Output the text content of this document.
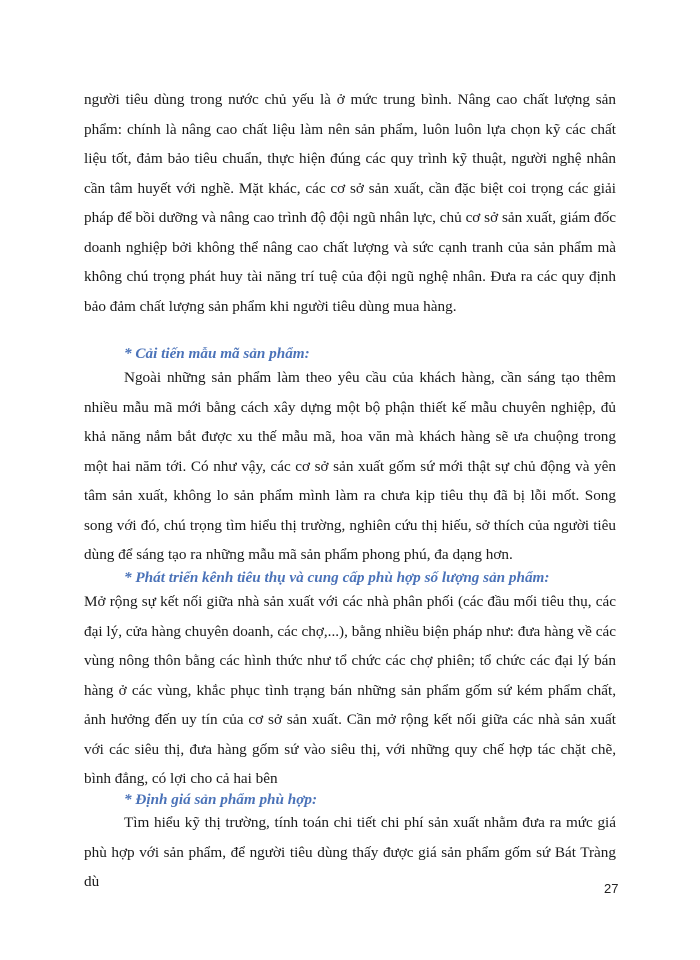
người tiêu dùng trong nước chủ yếu là ở mức trung bình. Nâng cao chất lượng sản phẩm: chính là nâng cao chất liệu làm nên sản phẩm, luôn luôn lựa chọn kỹ các chất liệu tốt, đảm bảo tiêu chuẩn, thực hiện đúng các quy trình kỹ thuật, người nghệ nhân cần tâm huyết với nghề. Mặt khác, các cơ sở sản xuất, cần đặc biệt coi trọng các giải pháp để bồi dưỡng và nâng cao trình độ đội ngũ nhân lực, chủ cơ sở sản xuất, giám đốc doanh nghiệp bởi không thể nâng cao chất lượng và sức cạnh tranh của sản phẩm mà không chú trọng phát huy tài năng trí tuệ của đội ngũ nghệ nhân. Đưa ra các quy định bảo đảm chất lượng sản phẩm khi người tiêu dùng mua hàng.

* Cải tiến mẫu mã sản phẩm:

Ngoài những sản phẩm làm theo yêu cầu của khách hàng, cần sáng tạo thêm nhiều mẫu mã mới bằng cách xây dựng một bộ phận thiết kế mẫu chuyên nghiệp, đủ khả năng nắm bắt được xu thế mẫu mã, hoa văn mà khách hàng sẽ ưa chuộng trong một hai năm tới. Có như vậy, các cơ sở sản xuất gốm sứ mới thật sự chủ động và yên tâm sản xuất, không lo sản phẩm mình làm ra chưa kịp tiêu thụ đã bị lỗi mốt. Song song với đó, chú trọng tìm hiểu thị trường, nghiên cứu thị hiếu, sở thích của người tiêu dùng để sáng tạo ra những mẫu mã sản phẩm phong phú, đa dạng hơn.

* Phát triển kênh tiêu thụ và cung cấp phù hợp số lượng sản phẩm:

Mở rộng sự kết nối giữa nhà sản xuất với các nhà phân phối (các đầu mối tiêu thụ, các đại lý, cửa hàng chuyên doanh, các chợ,...), bằng nhiều biện pháp như: đưa hàng về các vùng nông thôn bằng các hình thức như tổ chức các chợ phiên; tổ chức các đại lý bán hàng ở các vùng, khắc phục tình trạng bán những sản phẩm gốm sứ kém phẩm chất, ảnh hưởng đến uy tín của cơ sở sản xuất. Cần mở rộng kết nối giữa các nhà sản xuất với các siêu thị, đưa hàng gốm sứ vào siêu thị, với những quy chế hợp tác chặt chẽ, bình đẳng, có lợi cho cả hai bên

* Định giá sản phẩm phù hợp:

Tìm hiểu kỹ thị trường, tính toán chi tiết chi phí sản xuất nhằm đưa ra mức giá phù hợp với sản phẩm, để người tiêu dùng thấy được giá sản phẩm gốm sứ Bát Tràng dù	27
